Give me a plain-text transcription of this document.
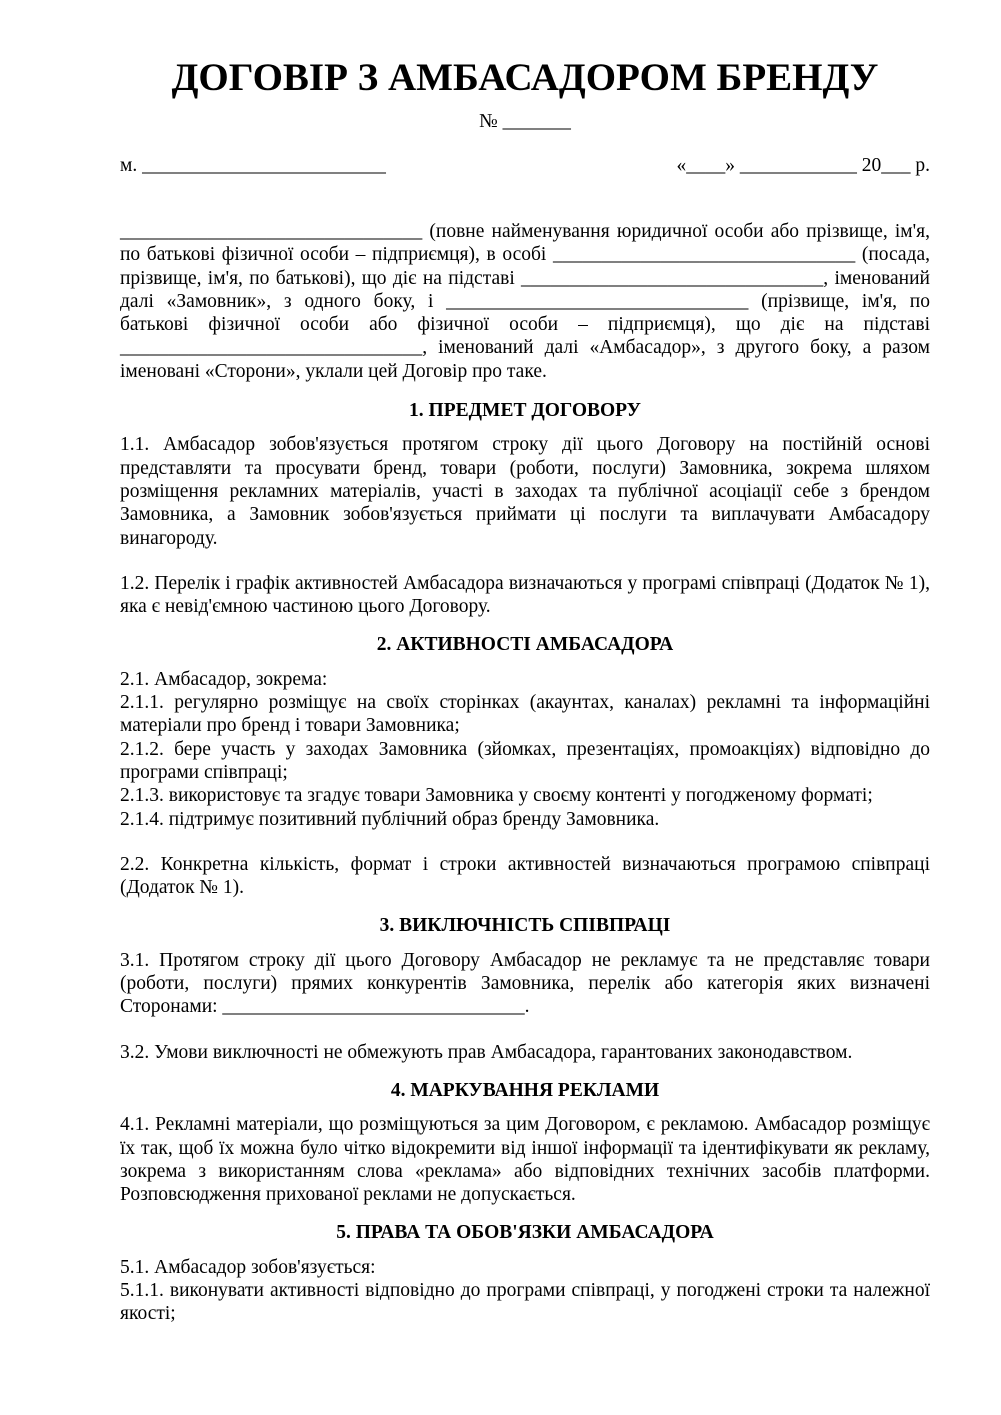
ДОГОВІР З АМБАСАДОРОМ БРЕНДУ
№ _______
м. _________________________	«____» ____________ 20___ р.

_______________________________ (повне найменування юридичної особи або прізвище, ім'я, по батькові фізичної особи – підприємця), в особі _______________________________ (посада, прізвище, ім'я, по батькові), що діє на підставі _______________________________, іменований далі «Замовник», з одного боку, і _______________________________ (прізвище, ім'я, по батькові фізичної особи або фізичної особи – підприємця), що діє на підставі _______________________________, іменований далі «Амбасадор», з другого боку, а разом іменовані «Сторони», уклали цей Договір про таке.

1. ПРЕДМЕТ ДОГОВОРУ

1.1. Амбасадор зобов'язується протягом строку дії цього Договору на постійній основі представляти та просувати бренд, товари (роботи, послуги) Замовника, зокрема шляхом розміщення рекламних матеріалів, участі в заходах та публічної асоціації себе з брендом Замовника, а Замовник зобов'язується приймати ці послуги та виплачувати Амбасадору винагороду.

1.2. Перелік і графік активностей Амбасадора визначаються у програмі співпраці (Додаток № 1), яка є невід'ємною частиною цього Договору.

2. АКТИВНОСТІ АМБАСАДОРА

2.1. Амбасадор, зокрема:

2.1.1. регулярно розміщує на своїх сторінках (акаунтах, каналах) рекламні та інформаційні матеріали про бренд і товари Замовника;

2.1.2. бере участь у заходах Замовника (зйомках, презентаціях, промоакціях) відповідно до програми співпраці;

2.1.3. використовує та згадує товари Замовника у своєму контенті у погодженому форматі;

2.1.4. підтримує позитивний публічний образ бренду Замовника.

2.2. Конкретна кількість, формат і строки активностей визначаються програмою співпраці (Додаток № 1).

3. ВИКЛЮЧНІСТЬ СПІВПРАЦІ

3.1. Протягом строку дії цього Договору Амбасадор не рекламує та не представляє товари (роботи, послуги) прямих конкурентів Замовника, перелік або категорія яких визначені Сторонами: _______________________________.

3.2. Умови виключності не обмежують прав Амбасадора, гарантованих законодавством.

4. МАРКУВАННЯ РЕКЛАМИ

4.1. Рекламні матеріали, що розміщуються за цим Договором, є рекламою. Амбасадор розміщує їх так, щоб їх можна було чітко відокремити від іншої інформації та ідентифікувати як рекламу, зокрема з використанням слова «реклама» або відповідних технічних засобів платформи. Розповсюдження прихованої реклами не допускається.

5. ПРАВА ТА ОБОВ'ЯЗКИ АМБАСАДОРА

5.1. Амбасадор зобов'язується:

5.1.1. виконувати активності відповідно до програми співпраці, у погоджені строки та належної якості;
